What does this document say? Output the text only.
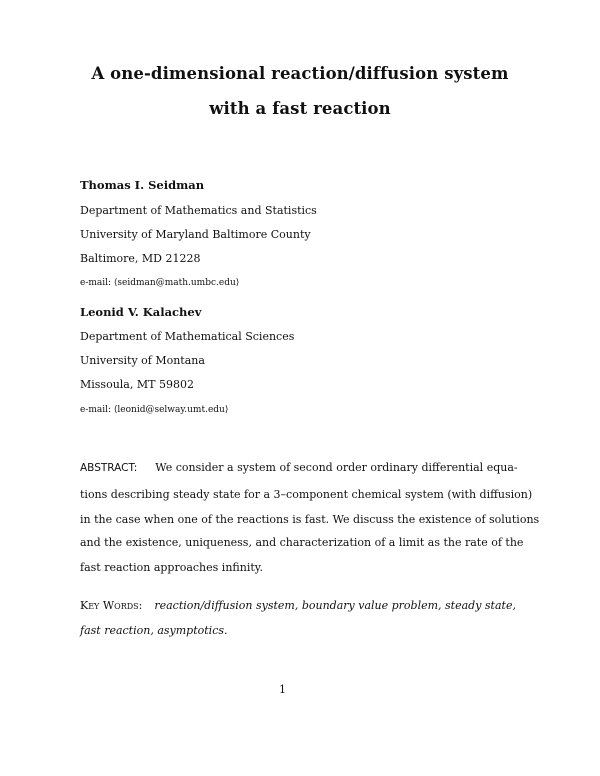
A one-dimensional reaction/diffusion system
with a fast reaction
Thomas I. Seidman
Department of Mathematics and Statistics
University of Maryland Baltimore County
Baltimore, MD 21228
e-mail: ⟨seidman@math.umbc.edu⟩
Leonid V. Kalachev
Department of Mathematical Sciences
University of Montana
Missoula, MT 59802
e-mail: ⟨leonid@selway.umt.edu⟩
ABSTRACT: We consider a system of second order ordinary differential equa-
tions describing steady state for a 3–component chemical system (with diffusion)
in the case when one of the reactions is fast. We discuss the existence of solutions
and the existence, uniqueness, and characterization of a limit as the rate of the
fast reaction approaches infinity.
Key Words: reaction/diffusion system, boundary value problem, steady state,
fast reaction, asymptotics.
1
